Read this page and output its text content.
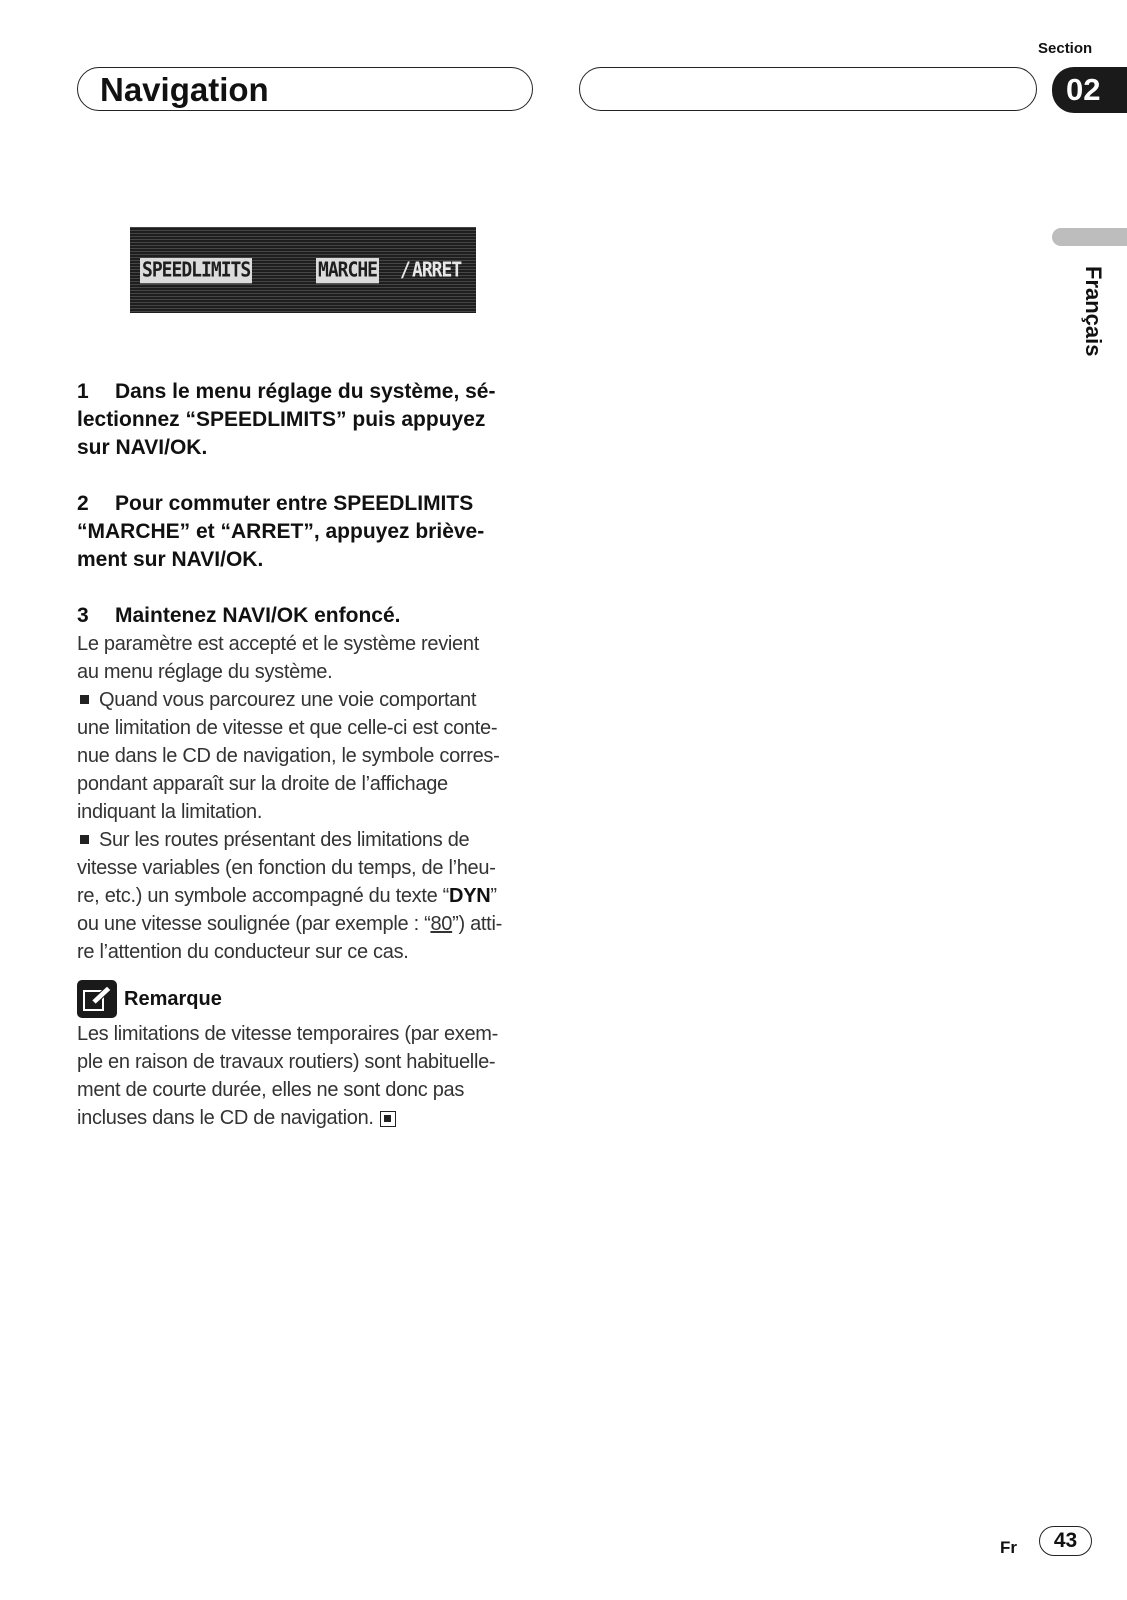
Navigation
Section
02
Français
SPEEDLIMITS	MARCHE / ARRET

1 Dans le menu réglage du système, sé-

lectionnez “SPEEDLIMITS” puis appuyez

sur NAVI/OK.

2 Pour commuter entre SPEEDLIMITS

“MARCHE” et “ARRET”, appuyez briève-

ment sur NAVI/OK.

3 Maintenez NAVI/OK enfoncé.

Le paramètre est accepté et le système revient

au menu réglage du système.

Quand vous parcourez une voie comportant

une limitation de vitesse et que celle-ci est conte-

nue dans le CD de navigation, le symbole corres-

pondant apparaît sur la droite de l’affichage

indiquant la limitation.

Sur les routes présentant des limitations de

vitesse variables (en fonction du temps, de l’heu-

re, etc.) un symbole accompagné du texte “DYN”

ou une vitesse soulignée (par exemple : “80”) atti-

re l’attention du conducteur sur ce cas.

Remarque

Les limitations de vitesse temporaires (par exem-

ple en raison de travaux routiers) sont habituelle-

ment de courte durée, elles ne sont donc pas

incluses dans le CD de navigation.

Fr	43
